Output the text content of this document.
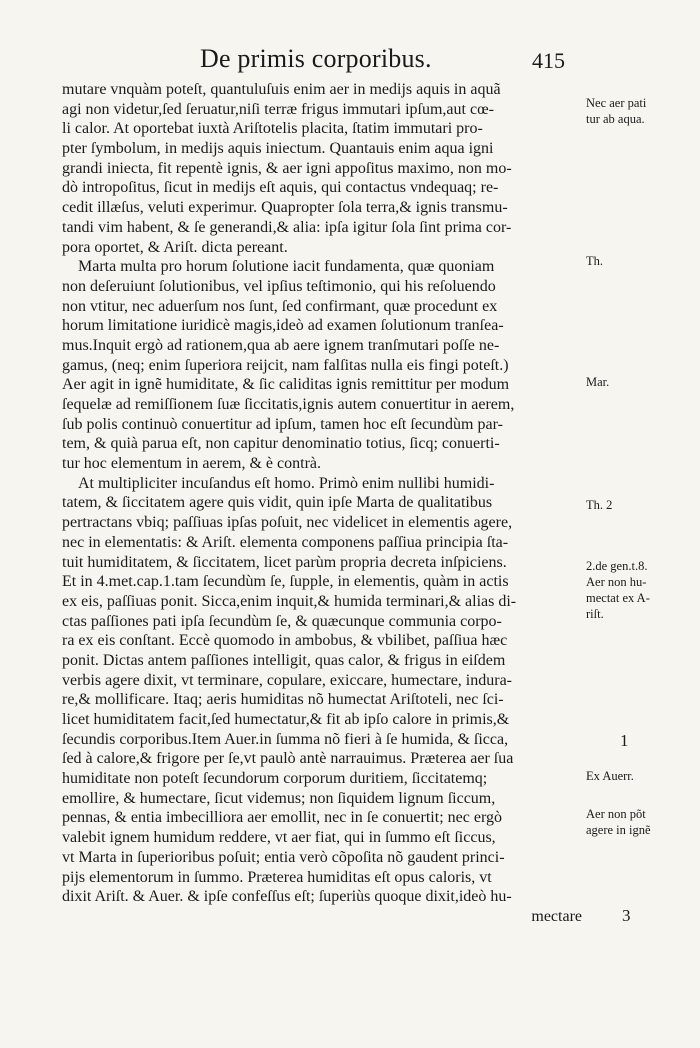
De primis corporibus.	415
mutare vnquàm poteſt, quantuluſuis enim aer in medijs aquis in aquã
agi non videtur,ſed ſeruatur,niſi terræ frigus immutari ipſum,aut cœ-
li calor. At oportebat iuxtà Ariſtotelis placita, ſtatim immutari pro-
pter ſymbolum, in medijs aquis iniectum. Quantauis enim aqua igni
grandi iniecta, fit repentè ignis, & aer igni appoſitus maximo, non mo-
dò intropoſitus, ſicut in medijs eſt aquis, qui contactus vndequaq; re-
cedit illæſus, veluti experimur. Quapropter ſola terra,& ignis transmu-
tandi vim habent, & ſe generandi,& alia: ipſa igitur ſola ſint prima cor-
pora oportet, & Ariſt. dicta pereant.
Marta multa pro horum ſolutione iacit fundamenta, quæ quoniam
non deſeruiunt ſolutionibus, vel ipſius teſtimonio, qui his reſoluendo
non vtitur, nec aduerſum nos ſunt, ſed confirmant, quæ procedunt ex
horum limitatione iuridicè magis,ideò ad examen ſolutionum tranſea-
mus.Inquit ergò ad rationem,qua ab aere ignem tranſmutari poſſe ne-
gamus, (neq; enim ſuperiora reijcit, nam falſitas nulla eis fingi poteſt.)
Aer agit in ignẽ humiditate, & ſic caliditas ignis remittitur per modum
ſequelæ ad remiſſionem ſuæ ſiccitatis,ignis autem conuertitur in aerem,
ſub polis continuò conuertitur ad ipſum, tamen hoc eſt ſecundùm par-
tem, & quià parua eſt, non capitur denominatio totius, ſicq; conuerti-
tur hoc elementum in aerem, & è contrà.
At multipliciter incuſandus eſt homo. Primò enim nullibi humidi-
tatem, & ſiccitatem agere quis vidit, quin ipſe Marta de qualitatibus
pertractans vbiq; paſſiuas ipſas poſuit, nec videlicet in elementis agere,
nec in elementatis: & Ariſt. elementa componens paſſiua principia ſta-
tuit humiditatem, & ſiccitatem, licet parùm propria decreta inſpiciens.
Et in 4.met.cap.1.tam ſecundùm ſe, ſupple, in elementis, quàm in actis
ex eis, paſſiuas ponit. Sicca,enim inquit,& humida terminari,& alias di-
ctas paſſiones pati ipſa ſecundùm ſe, & quæcunque communia corpo-
ra ex eis conſtant. Eccè quomodo in ambobus, & vbilibet, paſſiua hæc
ponit. Dictas antem paſſiones intelligit, quas calor, & frigus in eiſdem
verbis agere dixit, vt terminare, copulare, exiccare, humectare, indura-
re,& mollificare. Itaq; aeris humiditas nõ humectat Ariſtoteli, nec ſci-
licet humiditatem facit,ſed humectatur,& fit ab ipſo calore in primis,&
ſecundis corporibus.Item Auer.in ſumma nõ fieri à ſe humida, & ſicca,
ſed à calore,& frigore per ſe,vt paulò antè narrauimus. Præterea aer ſua
humiditate non poteſt ſecundorum corporum duritiem, ſiccitatemq;
emollire, & humectare, ſicut videmus; non ſiquidem lignum ſiccum,
pennas, & entia imbecilliora aer emollit, nec in ſe conuertit; nec ergò
valebit ignem humidum reddere, vt aer fiat, qui in ſummo eſt ſiccus,
vt Marta in ſuperioribus poſuit; entia verò cõpoſita nõ gaudent princi-
pijs elementorum in ſummo. Præterea humiditas eſt opus caloris, vt
dixit Ariſt. & Auer. & ipſe confeſſus eſt; ſuperiùs quoque dixit,ideò hu-
mectare
Nec aer pati
tur ab aqua.
Th.
Mar.
Th. 2
2.de gen.t.8.
Aer non hu-
mectat ex A-
riſt.
1
Ex Auerr.
Aer non põt
agere in ignẽ
3
